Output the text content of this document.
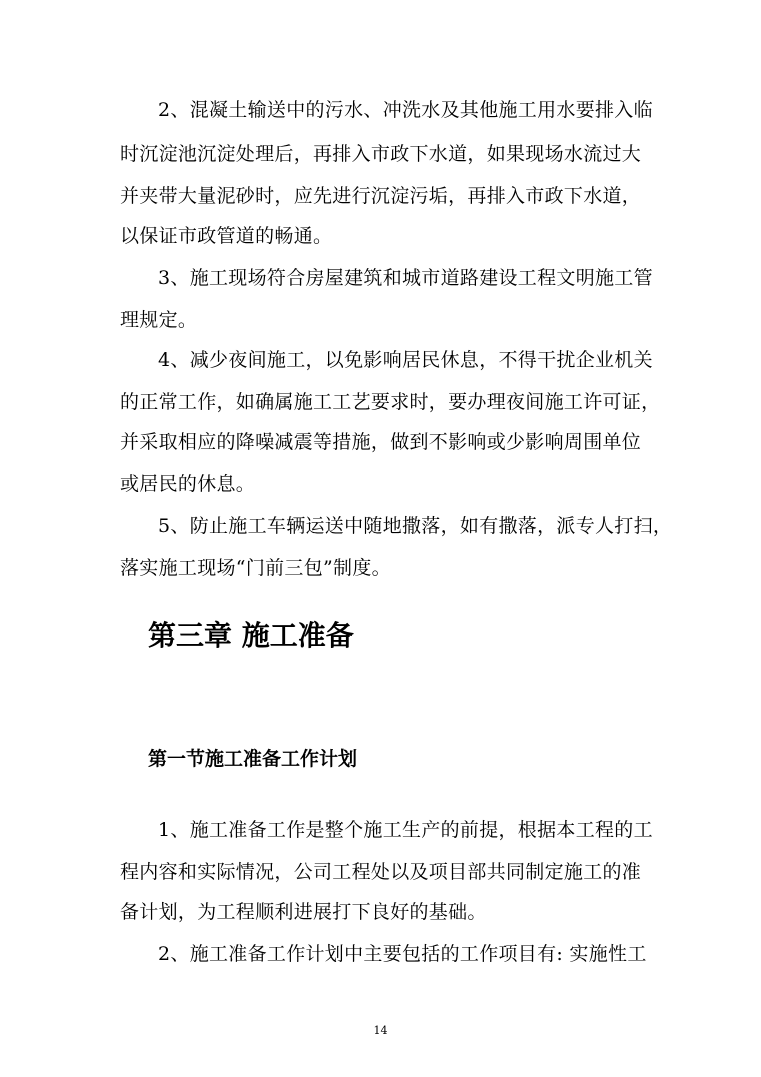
2、混凝土输送中的污水、冲洗水及其他施工用水要排入临
时沉淀池沉淀处理后，再排入市政下水道，如果现场水流过大
并夹带大量泥砂时，应先进行沉淀污垢，再排入市政下水道，
以保证市政管道的畅通。
3、施工现场符合房屋建筑和城市道路建设工程文明施工管
理规定。
4、减少夜间施工，以免影响居民休息，不得干扰企业机关
的正常工作，如确属施工工艺要求时，要办理夜间施工许可证，
并采取相应的降噪减震等措施，做到不影响或少影响周围单位
或居民的休息。
5、防止施工车辆运送中随地撒落，如有撒落，派专人打扫，
落实施工现场“门前三包”制度。
第三章 施工准备
第一节施工准备工作计划
1、施工准备工作是整个施工生产的前提，根据本工程的工
程内容和实际情况，公司工程处以及项目部共同制定施工的准
备计划，为工程顺利进展打下良好的基础。
2、施工准备工作计划中主要包括的工作项目有: 实施性工
14
